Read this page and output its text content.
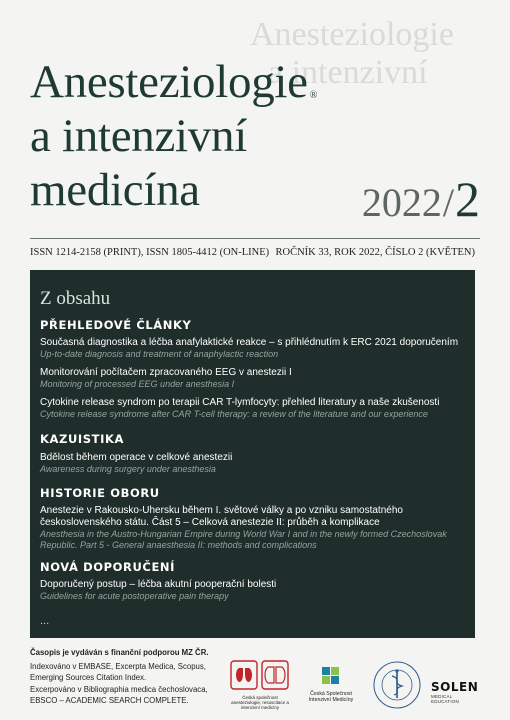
Anesteziologie
a intenzivní
Anesteziologie ®
a intenzivní
medicína	2022/2
ISSN 1214-2158 (PRINT), ISSN 1805-4412 (ON-LINE) ROČNÍK 33, ROK 2022, ČÍSLO 2 (KVĚTEN)
Z obsahu
PŘEHLEDOVÉ ČLÁNKY
Současná diagnostika a léčba anafylaktické reakce – s přihlédnutím k ERC 2021 doporučením
Up-to-date diagnosis and treatment of anaphylactic reaction
Monitorování počítačem zpracovaného EEG v anestezii I
Monitoring of processed EEG under anesthesia I
Cytokine release syndrom po terapii CAR T-lymfocyty: přehled literatury a naše zkušenosti
Cytokine release syndrome after CAR T-cell therapy: a review of the literature and our experience
KAZUISTIKA
Bdělost během operace v celkové anestezii
Awareness during surgery under anesthesia
HISTORIE OBORU
Anestezie v Rakousko-Uhersku během I. světové války a po vzniku samostatného československého státu. Část 5 – Celková anestezie II: průběh a komplikace
Anesthesia in the Austro-Hungarian Empire during World War I and in the newly formed Czechoslovak Republic. Part 5 - General anaesthesia II: methods and complications
NOVÁ DOPORUČENÍ
Doporučený postup – léčba akutní pooperační bolesti
Guidelines for acute postoperative pain therapy
...
Časopis je vydáván s finanční podporou MZ ČR.
Indexováno v EMBASE, Excerpta Medica, Scopus,
Emerging Sources Citation Index.
Excerpováno v Bibliographia medica čechoslovaca,
EBSCO – ACADEMIC SEARCH COMPLETE.	Česká společnost anesteziologie, resuscitace a intenzivní medicíny
Česká Společnost
Intenzivní Medicíny
SOLEN
MEDICAL EDUCATION
